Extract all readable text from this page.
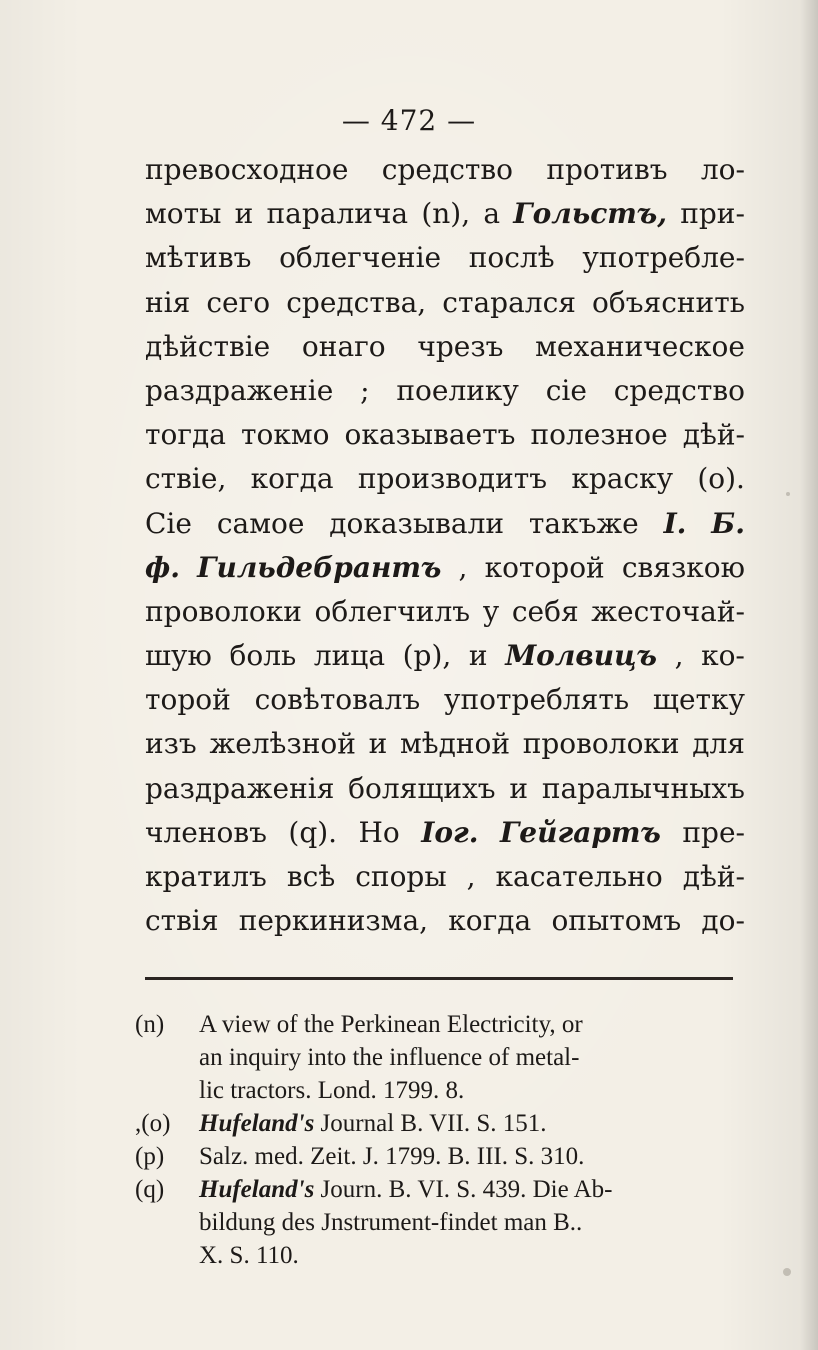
— 472 —
превосходное средство противъ ло-
моты и паралича (n), а Гольстъ, при-
мѣтивъ облегченіе послѣ употребле-
нія сего средства, старался объяснить
дѣйствіе онаго чрезъ механическое
раздраженіе ; поелику сіе средство
тогда токмо оказываетъ полезное дѣй-
ствіе, когда производитъ краску (o).
Сіе самое доказывали такъже І. Б.
ф. Гильдебрантъ , которой связкою
проволоки облегчилъ у себя жесточай-
шую боль лица (p), и Молвицъ , ко-
торой совѣтовалъ употреблять щетку
изъ желѣзной и мѣдной проволоки для
раздраженія болящихъ и паралычныхъ
членовъ (q). Но Іог. Гейгартъ пре-
кратилъ всѣ споры , касательно дѣй-
ствія перкинизма, когда опытомъ до-
(n)	A view of the Perkinean Electricity, or
an inquiry into the influence of metal-
lic tractors. Lond. 1799. 8.
,(o)	Hufeland's Journal B. VII. S. 151.
(p)	Salz. med. Zeit. J. 1799. B. III. S. 310.
(q)	Hufeland's Journ. B. VI. S. 439. Die Ab-
bildung des Jnstrument-findet man B..
X. S. 110.
